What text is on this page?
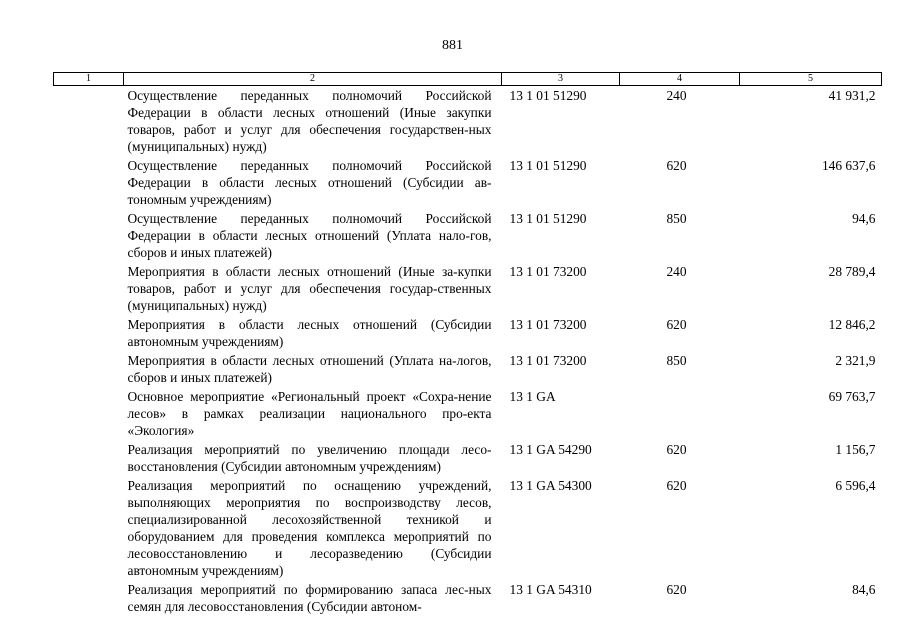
881
1	2	3	4	5
	Осуществление переданных полномочий Российской Федерации в области лесных отношений (Иные закупки товаров, работ и услуг для обеспечения государствен-ных (муниципальных) нужд)	13 1 01 51290	240	41 931,2
	Осуществление переданных полномочий Российской Федерации в области лесных отношений (Субсидии ав-тономным учреждениям)	13 1 01 51290	620	146 637,6
	Осуществление переданных полномочий Российской Федерации в области лесных отношений (Уплата нало-гов, сборов и иных платежей)	13 1 01 51290	850	94,6
	Мероприятия в области лесных отношений (Иные за-купки товаров, работ и услуг для обеспечения государ-ственных (муниципальных) нужд)	13 1 01 73200	240	28 789,4
	Мероприятия в области лесных отношений (Субсидии автономным учреждениям)	13 1 01 73200	620	12 846,2
	Мероприятия в области лесных отношений (Уплата на-логов, сборов и иных платежей)	13 1 01 73200	850	2 321,9
	Основное мероприятие «Региональный проект «Сохра-нение лесов» в рамках реализации национального про-екта «Экология»	13 1 GA		69 763,7
	Реализация мероприятий по увеличению площади лесо-восстановления (Субсидии автономным учреждениям)	13 1 GA 54290	620	1 156,7
	Реализация мероприятий по оснащению учреждений, выполняющих мероприятия по воспроизводству лесов, специализированной лесохозяйственной техникой и оборудованием для проведения комплекса мероприятий по лесовосстановлению и лесоразведению (Субсидии автономным учреждениям)	13 1 GA 54300	620	6 596,4
	Реализация мероприятий по формированию запаса лес-ных семян для лесовосстановления (Субсидии автоном-	13 1 GA 54310	620	84,6
